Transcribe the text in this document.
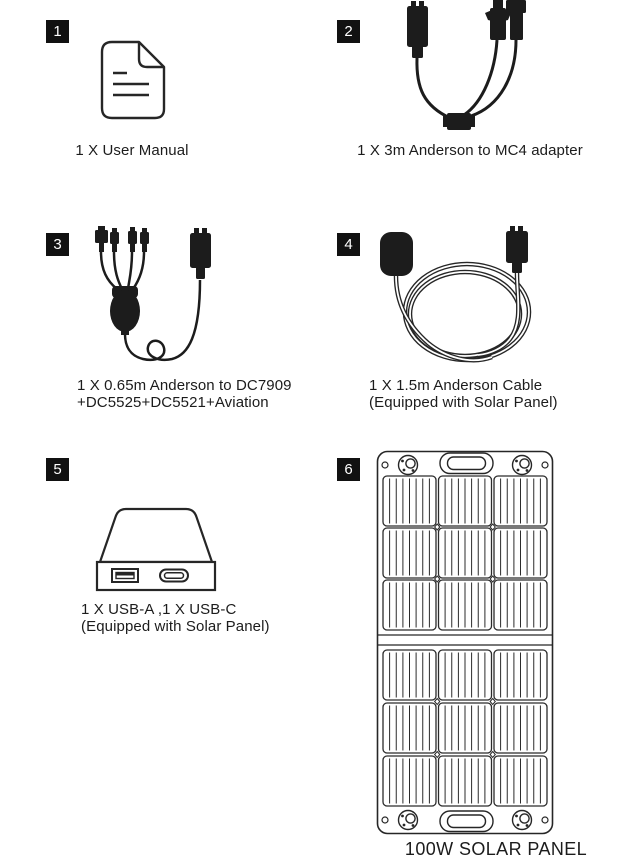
1	2
3	4
5	6

1 X User Manual	1 X 3m Anderson to MC4 adapter

1 X 0.65m Anderson to DC7909
+DC5525+DC5521+Aviation

1 X 1.5m Anderson Cable
(Equipped with Solar Panel)

1 X USB-A ,1 X USB-C
(Equipped with Solar Panel)

100W SOLAR PANEL
